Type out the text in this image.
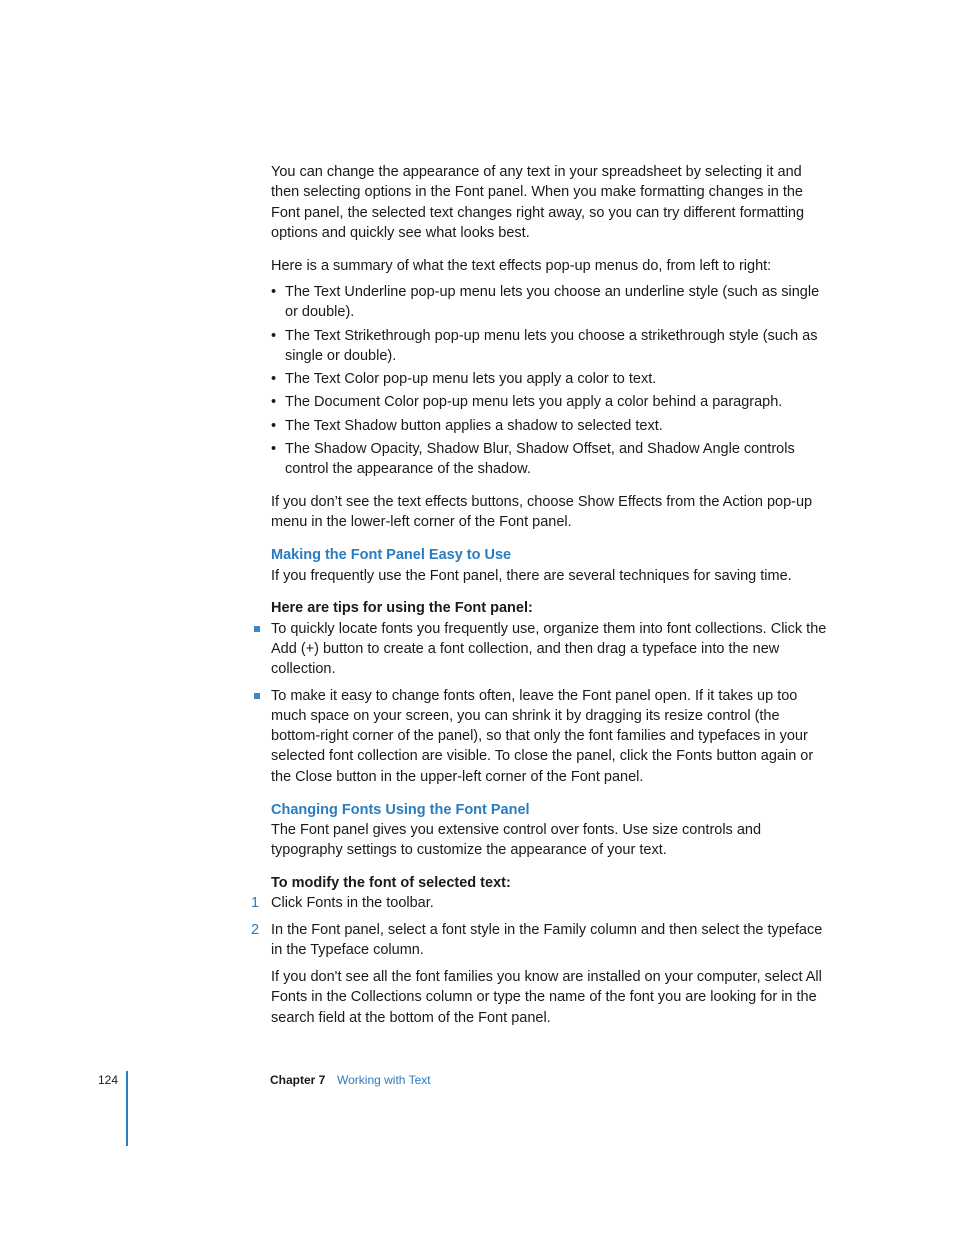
You can change the appearance of any text in your spreadsheet by selecting it and then selecting options in the Font panel. When you make formatting changes in the Font panel, the selected text changes right away, so you can try different formatting options and quickly see what looks best.

Here is a summary of what the text effects pop-up menus do, from left to right:

• The Text Underline pop-up menu lets you choose an underline style (such as single or double).
• The Text Strikethrough pop-up menu lets you choose a strikethrough style (such as single or double).
• The Text Color pop-up menu lets you apply a color to text.
• The Document Color pop-up menu lets you apply a color behind a paragraph.
• The Text Shadow button applies a shadow to selected text.
• The Shadow Opacity, Shadow Blur, Shadow Offset, and Shadow Angle controls control the appearance of the shadow.

If you don’t see the text effects buttons, choose Show Effects from the Action pop-up menu in the lower-left corner of the Font panel.

Making the Font Panel Easy to Use

If you frequently use the Font panel, there are several techniques for saving time.

Here are tips for using the Font panel:

To quickly locate fonts you frequently use, organize them into font collections. Click the Add (+) button to create a font collection, and then drag a typeface into the new collection.
To make it easy to change fonts often, leave the Font panel open. If it takes up too much space on your screen, you can shrink it by dragging its resize control (the bottom-right corner of the panel), so that only the font families and typefaces in your selected font collection are visible. To close the panel, click the Fonts button again or the Close button in the upper-left corner of the Font panel.

Changing Fonts Using the Font Panel

The Font panel gives you extensive control over fonts. Use size controls and typography settings to customize the appearance of your text.

To modify the font of selected text:

1 Click Fonts in the toolbar.
2 In the Font panel, select a font style in the Family column and then select the typeface in the Typeface column.

If you don't see all the font families you know are installed on your computer, select All Fonts in the Collections column or type the name of the font you are looking for in the search field at the bottom of the Font panel.

124	Chapter 7 Working with Text
